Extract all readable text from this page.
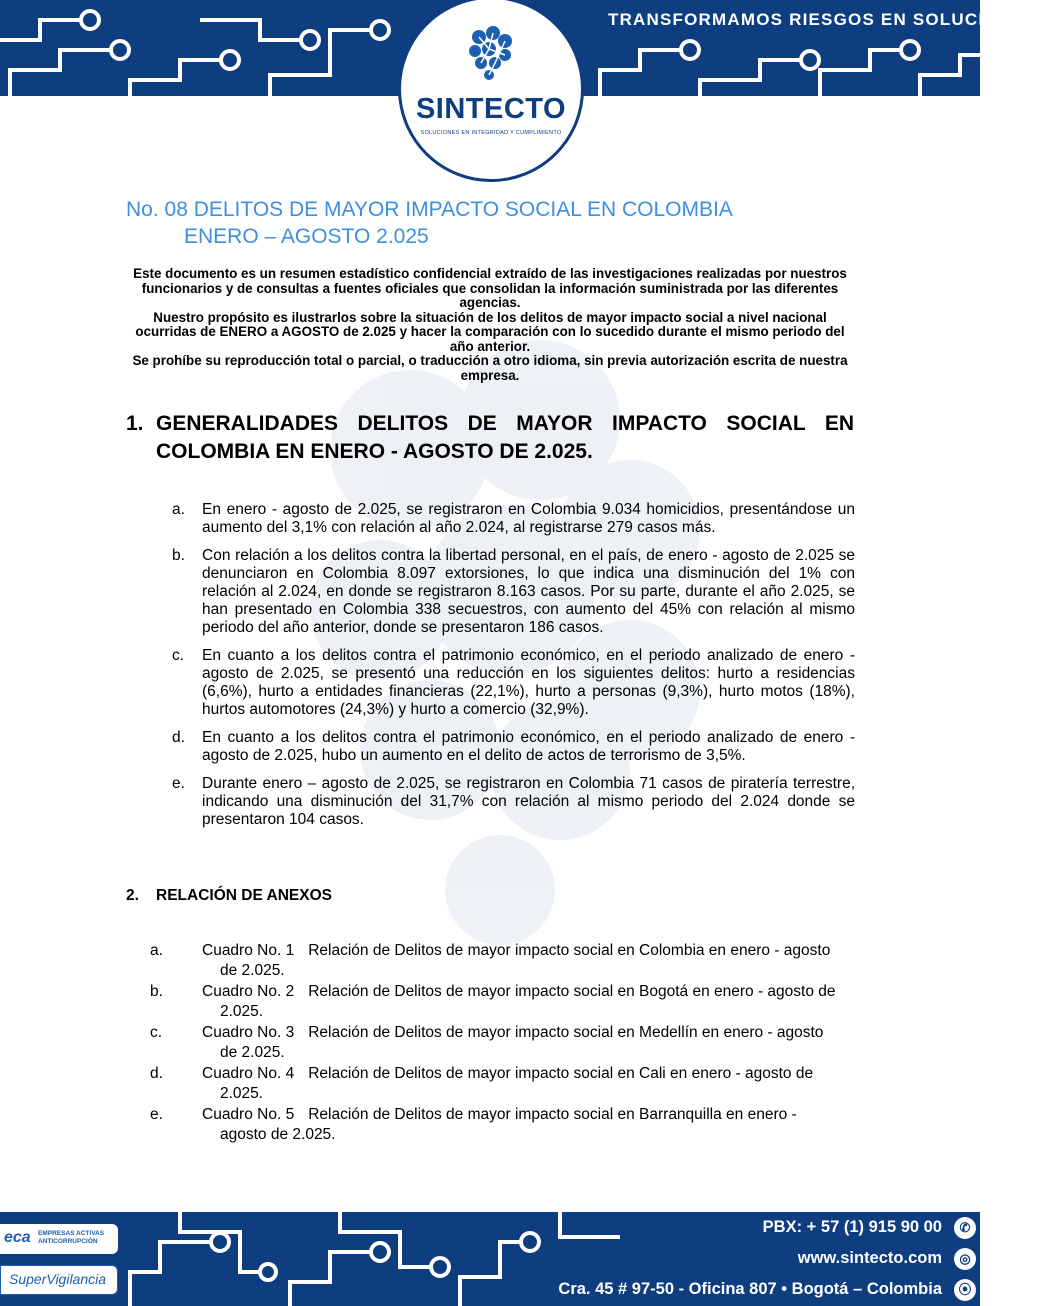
TRANSFORMAMOS RIESGOS EN SOLUCIONES
SINTECTO
SOLUCIONES EN INTEGRIDAD Y CUMPLIMIENTO
No. 08 DELITOS DE MAYOR IMPACTO SOCIAL EN COLOMBIA
ENERO – AGOSTO 2.025
Este documento es un resumen estadístico confidencial extraído de las investigaciones realizadas por nuestros funcionarios y de consultas a fuentes oficiales que consolidan la información suministrada por las diferentes agencias.
Nuestro propósito es ilustrarlos sobre la situación de los delitos de mayor impacto social a nivel nacional ocurridas de ENERO a AGOSTO de 2.025 y hacer la comparación con lo sucedido durante el mismo periodo del año anterior.
Se prohíbe su reproducción total o parcial, o traducción a otro idioma, sin previa autorización escrita de nuestra empresa.
1. GENERALIDADES DELITOS DE MAYOR IMPACTO SOCIAL EN
COLOMBIA EN ENERO - AGOSTO DE 2.025.
a. En enero - agosto de 2.025, se registraron en Colombia 9.034 homicidios, presentándose un aumento del 3,1% con relación al año 2.024, al registrarse 279 casos más.
b. Con relación a los delitos contra la libertad personal, en el país, de enero - agosto de 2.025 se denunciaron en Colombia 8.097 extorsiones, lo que indica una disminución del 1% con relación al 2.024, en donde se registraron 8.163 casos. Por su parte, durante el año 2.025, se han presentado en Colombia 338 secuestros, con aumento del 45% con relación al mismo periodo del año anterior, donde se presentaron 186 casos.
c. En cuanto a los delitos contra el patrimonio económico, en el periodo analizado de enero - agosto de 2.025, se presentó una reducción en los siguientes delitos: hurto a residencias (6,6%), hurto a entidades financieras (22,1%), hurto a personas (9,3%), hurto motos (18%), hurtos automotores (24,3%) y hurto a comercio (32,9%).
d. En cuanto a los delitos contra el patrimonio económico, en el periodo analizado de enero - agosto de 2.025, hubo un aumento en el delito de actos de terrorismo de 3,5%.
e. Durante enero – agosto de 2.025, se registraron en Colombia 71 casos de piratería terrestre, indicando una disminución del 31,7% con relación al mismo periodo del 2.024 donde se presentaron 104 casos.
2. RELACIÓN DE ANEXOS
a.	Cuadro No. 1 Relación de Delitos de mayor impacto social en Colombia en enero - agosto
de 2.025.
b.	Cuadro No. 2 Relación de Delitos de mayor impacto social en Bogotá en enero - agosto de
2.025.
c.	Cuadro No. 3 Relación de Delitos de mayor impacto social en Medellín en enero - agosto
de 2.025.
d.	Cuadro No. 4 Relación de Delitos de mayor impacto social en Cali en enero - agosto de
2.025.
e.	Cuadro No. 5 Relación de Delitos de mayor impacto social en Barranquilla en enero -
agosto de 2.025.
eca EMPRESAS ACTIVAS
ANTICORRUPCIÓN
SuperVigilancia
PBX: + 57 (1) 915 90 00	✆
www.sintecto.com	◎
Cra. 45 # 97-50 - Oficina 807 • Bogotá – Colombia	⦿
